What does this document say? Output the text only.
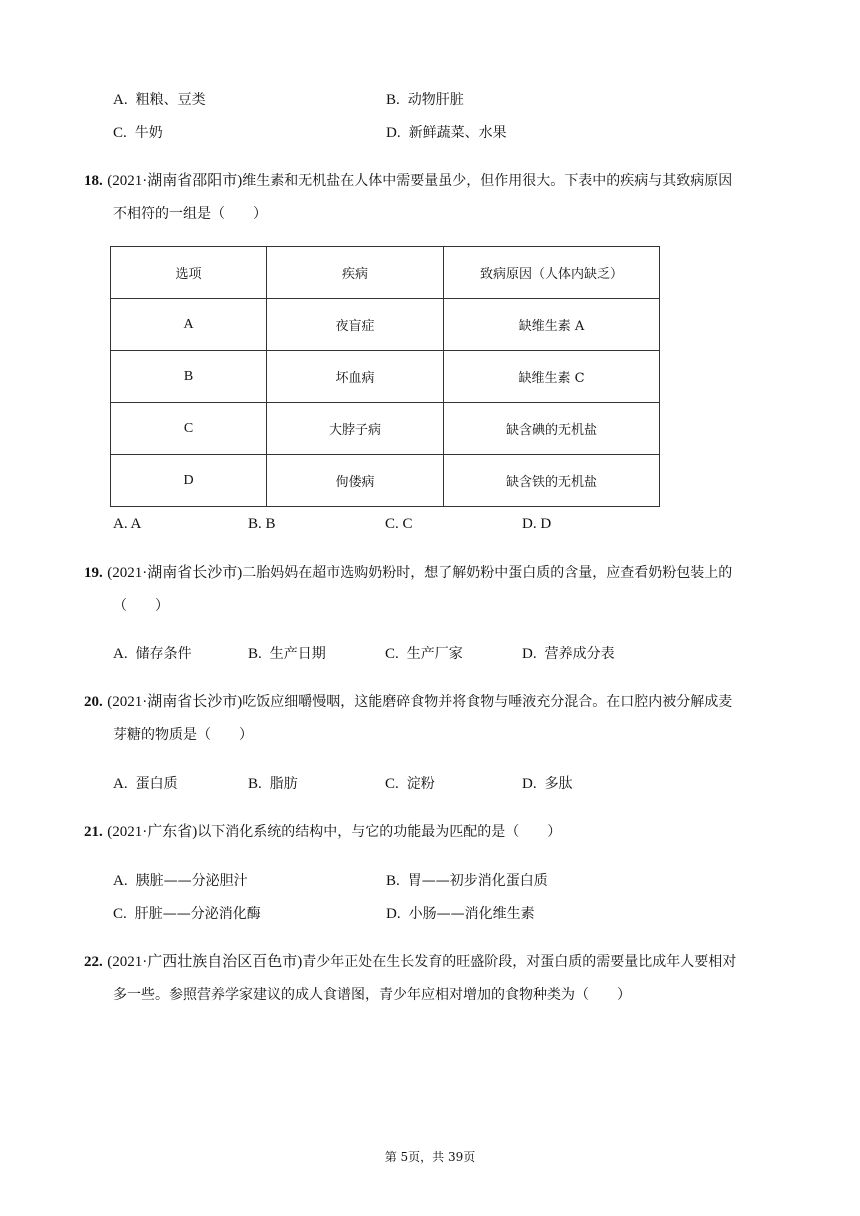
A. 粗粮、豆类	B. 动物肝脏
C. 牛奶	D. 新鲜蔬菜、水果
18. (2021·湖南省邵阳市)维生素和无机盐在人体中需要量虽少，但作用很大。下表中的疾病与其致病原因
不相符的一组是（　　）
选项	疾病	致病原因（人体内缺乏）
A	夜盲症	缺维生素 A
B	坏血病	缺维生素 C
C	大脖子病	缺含碘的无机盐
D	佝偻病	缺含铁的无机盐
A. A	B. B	C. C	D. D
19. (2021·湖南省长沙市)二胎妈妈在超市选购奶粉时，想了解奶粉中蛋白质的含量，应查看奶粉包装上的
（　　）
A. 储存条件	B. 生产日期	C. 生产厂家	D. 营养成分表
20. (2021·湖南省长沙市)吃饭应细嚼慢咽，这能磨碎食物并将食物与唾液充分混合。在口腔内被分解成麦
芽糖的物质是（　　）
A. 蛋白质	B. 脂肪	C. 淀粉	D. 多肽
21. (2021·广东省)以下消化系统的结构中，与它的功能最为匹配的是（　　）
A. 胰脏——分泌胆汁	B. 胃——初步消化蛋白质
C. 肝脏——分泌消化酶	D. 小肠——消化维生素
22. (2021·广西壮族自治区百色市)青少年正处在生长发育的旺盛阶段，对蛋白质的需要量比成年人要相对
多一些。参照营养学家建议的成人食谱图，青少年应相对增加的食物种类为（　　）
第 5页，共 39页
